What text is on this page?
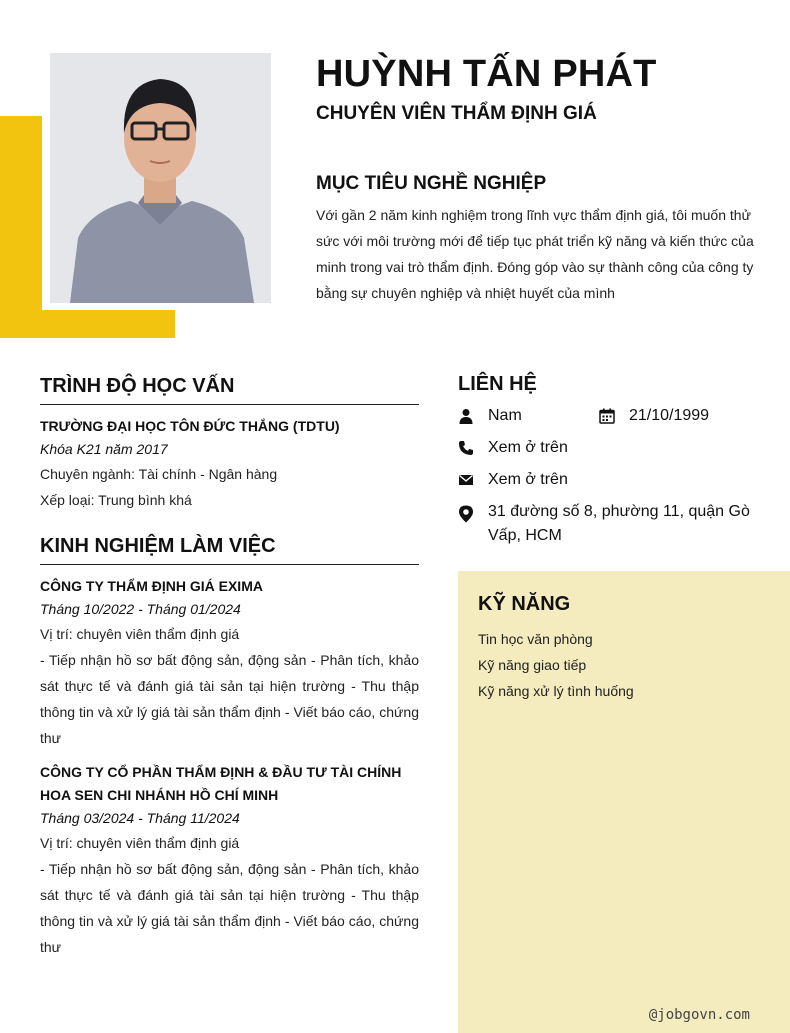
HUỲNH TẤN PHÁT
CHUYÊN VIÊN THẨM ĐỊNH GIÁ
MỤC TIÊU NGHỀ NGHIỆP
Với gần 2 năm kinh nghiệm trong lĩnh vực thẩm định giá, tôi muốn thử sức với môi trường mới để tiếp tục phát triển kỹ năng và kiến thức của minh trong vai trò thẩm định. Đóng góp vào sự thành công của công ty bằng sự chuyên nghiệp và nhiệt huyết của mình
TRÌNH ĐỘ HỌC VẤN
TRƯỜNG ĐẠI HỌC TÔN ĐỨC THẮNG (TDTU)
Khóa K21 năm 2017
Chuyên ngành: Tài chính - Ngân hàng
Xếp loại: Trung bình khá
KINH NGHIỆM LÀM VIỆC
CÔNG TY THẨM ĐỊNH GIÁ EXIMA
Tháng 10/2022 - Tháng 01/2024
Vị trí: chuyên viên thẩm định giá
- Tiếp nhận hồ sơ bất động sản, động sản - Phân tích, khảo sát thực tế và đánh giá tài sản tại hiện trường - Thu thập thông tin và xử lý giá tài sản thẩm định - Viết báo cáo, chứng thư
CÔNG TY CỔ PHẦN THẨM ĐỊNH & ĐẦU TƯ TÀI CHÍNH HOA SEN CHI NHÁNH HỒ CHÍ MINH
Tháng 03/2024 - Tháng 11/2024
Vị trí: chuyên viên thẩm định giá
- Tiếp nhận hồ sơ bất động sản, động sản - Phân tích, khảo sát thực tế và đánh giá tài sản tại hiện trường - Thu thập thông tin và xử lý giá tài sản thẩm định - Viết báo cáo, chứng thư
LIÊN HỆ
Nam	21/10/1999
Xem ở trên
Xem ở trên
31 đường số 8, phường 11, quận Gò Vấp, HCM
KỸ NĂNG
Tin học văn phòng
Kỹ năng giao tiếp
Kỹ năng xử lý tình huống
@jobgovn.com
